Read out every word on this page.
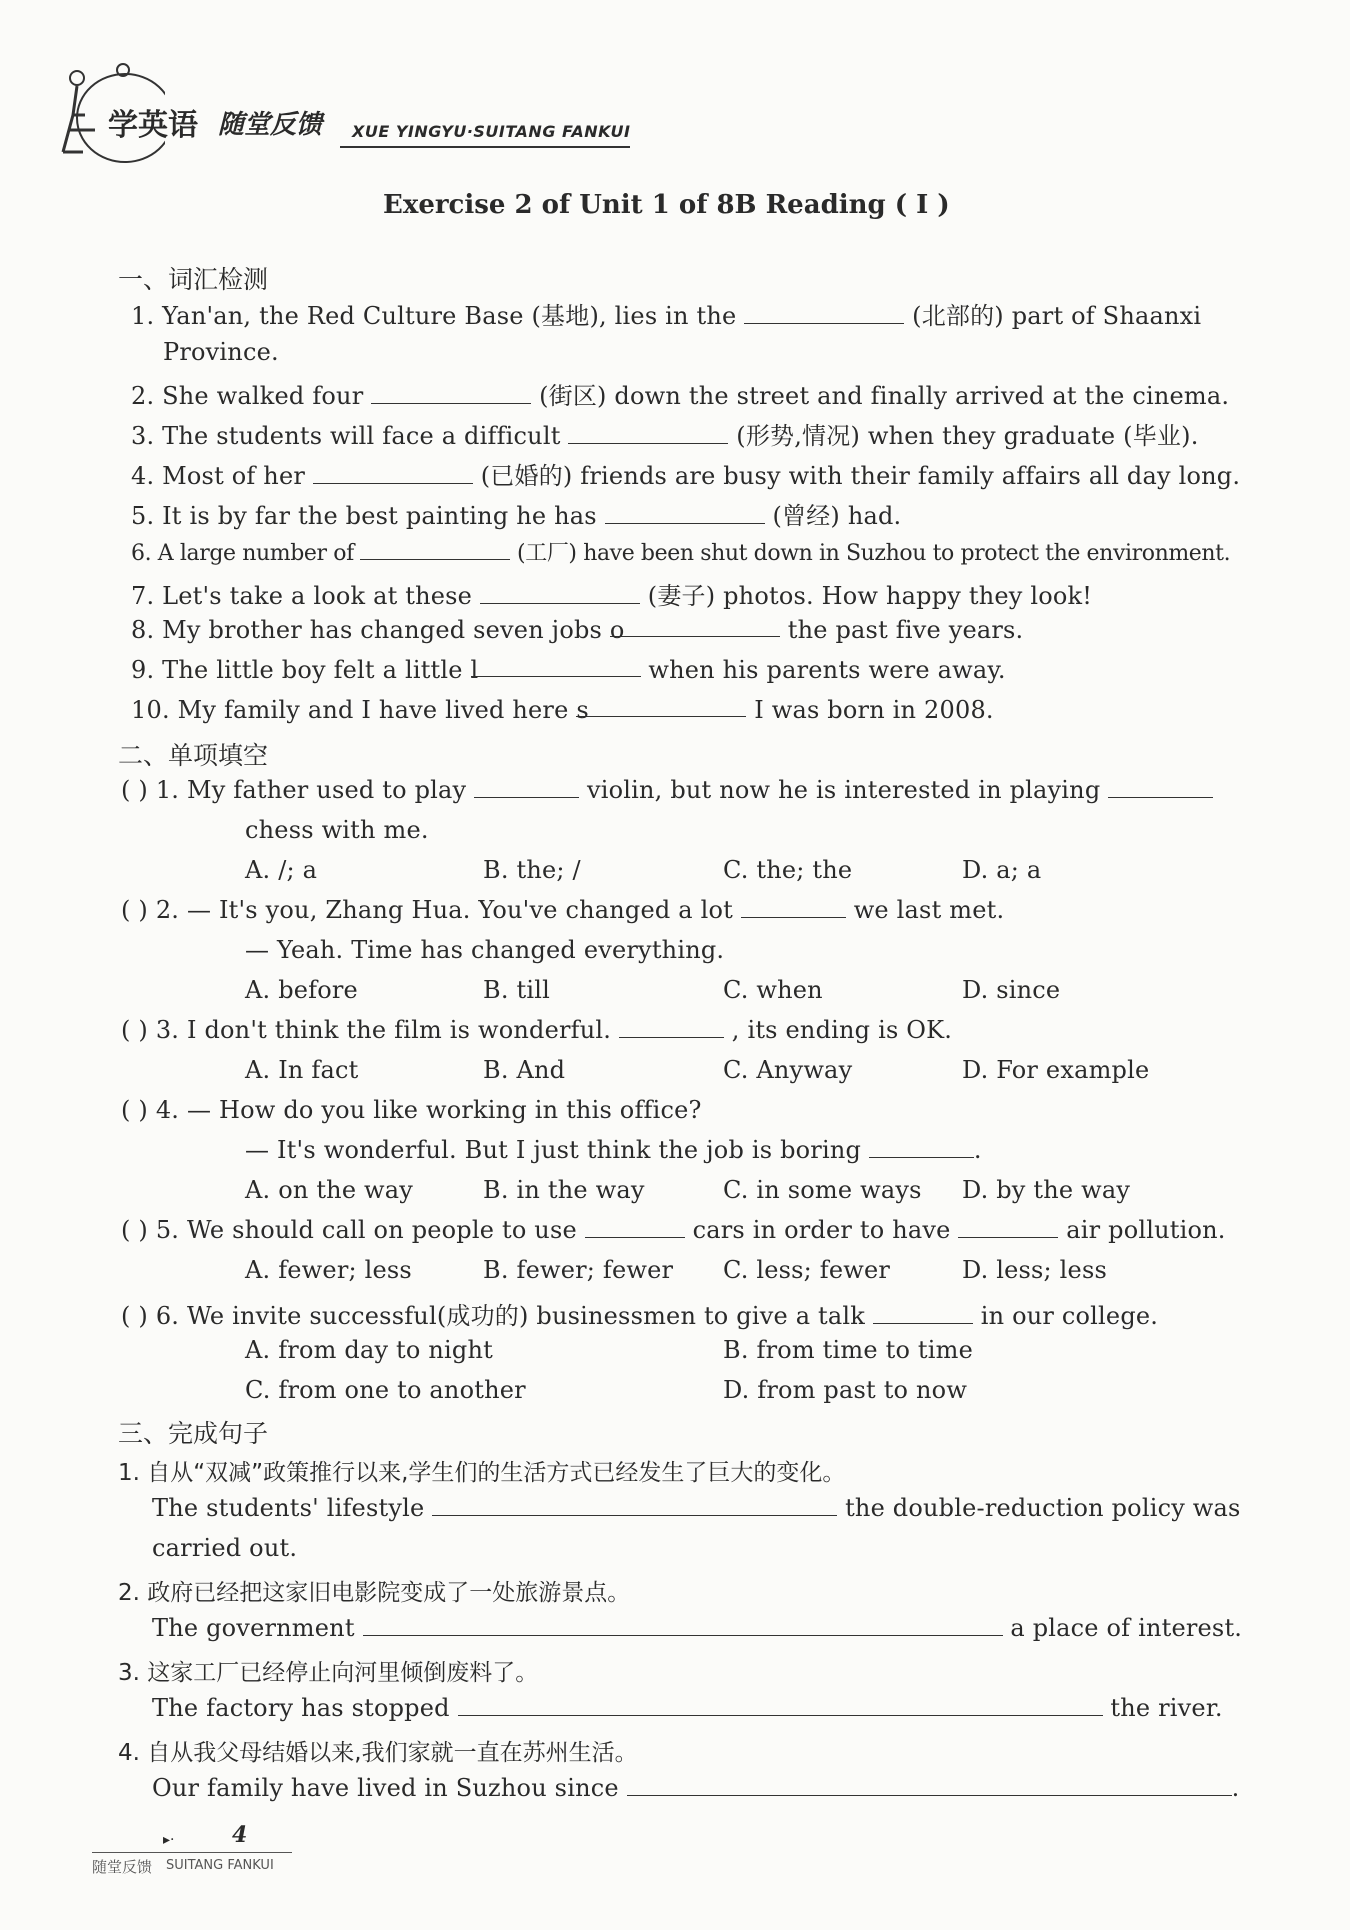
学英语 随堂反馈 XUE YINGYU·SUITANG FANKUI
Exercise 2 of Unit 1 of 8B Reading ( Ⅰ )
一、词汇检测
1. Yan'an, the Red Culture Base (基地), lies in the	(北部的) part of Shaanxi
Province.
2. She walked four	(街区) down the street and finally arrived at the cinema.
3. The students will face a difficult	(形势,情况) when they graduate (毕业).
4. Most of her	(已婚的) friends are busy with their family affairs all day long.
5. It is by far the best painting he has	(曾经) had.
6. A large number of	(工厂) have been shut down in Suzhou to protect the environment.
7. Let's take a look at these	(妻子) photos. How happy they look!
8. My brother has changed seven jobs o	the past five years.
9. The little boy felt a little l	when his parents were away.
10. My family and I have lived here s	I was born in 2008.
二、单项填空
( ) 1. My father used to play	violin, but now he is interested in playing
chess with me.
A. /; a	B. the; /	C. the; the	D. a; a
( ) 2. — It's you, Zhang Hua. You've changed a lot	we last met.
— Yeah. Time has changed everything.
A. before	B. till	C. when	D. since
( ) 3. I don't think the film is wonderful.	, its ending is OK.
A. In fact	B. And	C. Anyway	D. For example
( ) 4. — How do you like working in this office?
— It's wonderful. But I just think the job is boring	.
A. on the way	B. in the way	C. in some ways D. by the way
( ) 5. We should call on people to use	cars in order to have	air pollution.
A. fewer; less	B. fewer; fewer C. less; fewer	D. less; less
( ) 6. We invite successful(成功的) businessmen to give a talk	in our college.
A. from day to night	B. from time to time
C. from one to another	D. from past to now
三、完成句子
1. 自从“双减”政策推行以来,学生们的生活方式已经发生了巨大的变化。
The students' lifestyle	the double-reduction policy was
carried out.
2. 政府已经把这家旧电影院变成了一处旅游景点。
The government	a place of interest.
3. 这家工厂已经停止向河里倾倒废料了。
The factory has stopped	the river.
4. 自从我父母结婚以来,我们家就一直在苏州生活。
Our family have lived in Suzhou since	.
▸·	4
随堂反馈 SUITANG FANKUI
